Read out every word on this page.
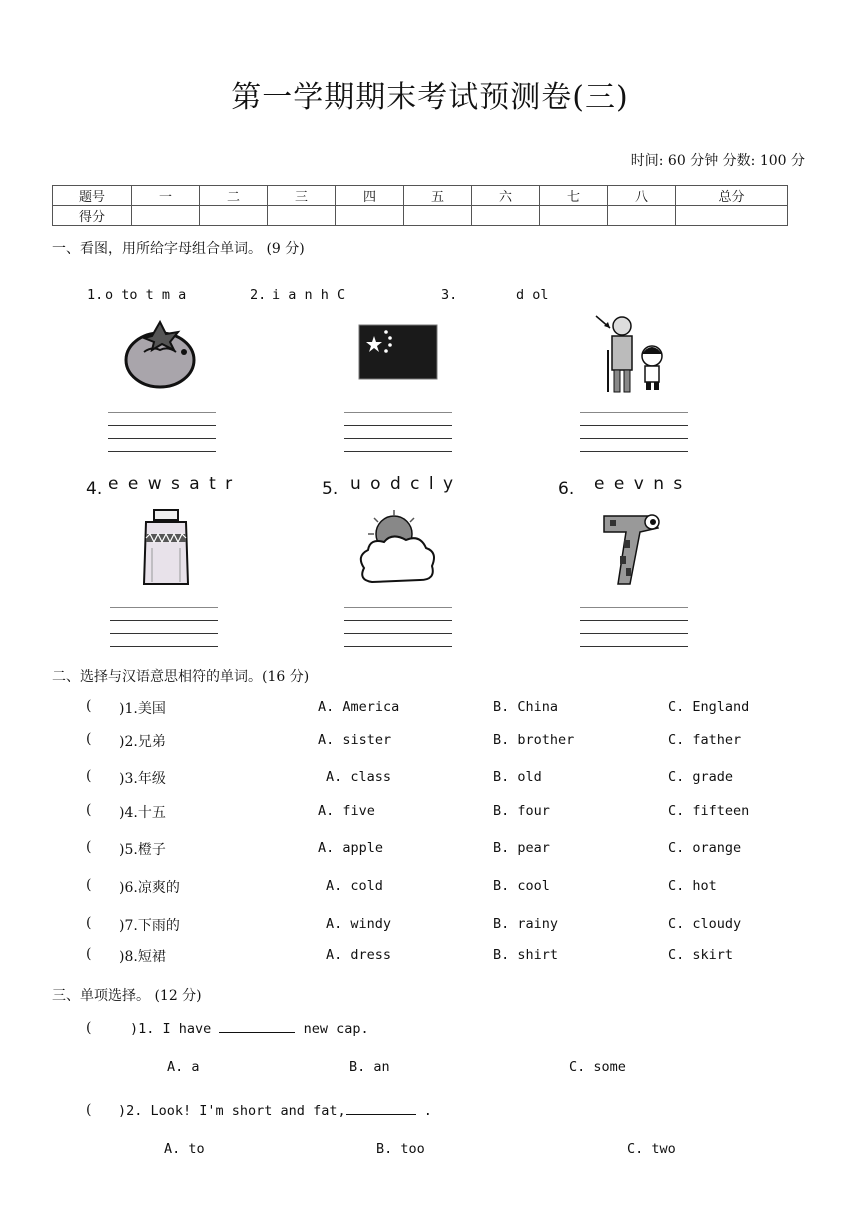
第一学期期末考试预测卷(三)
时间: 60 分钟 分数: 100 分
题号	一	二	三	四	五	六	七	八	总分
得分									
一、看图，用所给字母组合单词。 (9 分)
1. o to t m a	2. i a n h C	3.	d ol
4. e e w s a t r	5. u o d c l y	6. e e v n s
二、选择与汉语意思相符的单词。(16 分)
( )1.美国	A. America	B. China	C. England
( )2.兄弟	A. sister	B. brother	C. father
( )3.年级	A. class	B. old	C. grade
( )4.十五	A. five	B. four	C. fifteen
( )5.橙子	A. apple	B. pear	C. orange
( )6.凉爽的	A. cold	B. cool	C. hot
( )7.下雨的	A. windy	B. rainy	C. cloudy
( )8.短裙	A. dress	B. shirt	C. skirt
三、单项选择。 (12 分)
(	)1. I have	new cap.
A. a	B. an	C. some
( )2. Look! I'm short and fat,	.
A. to	B. too	C. two
